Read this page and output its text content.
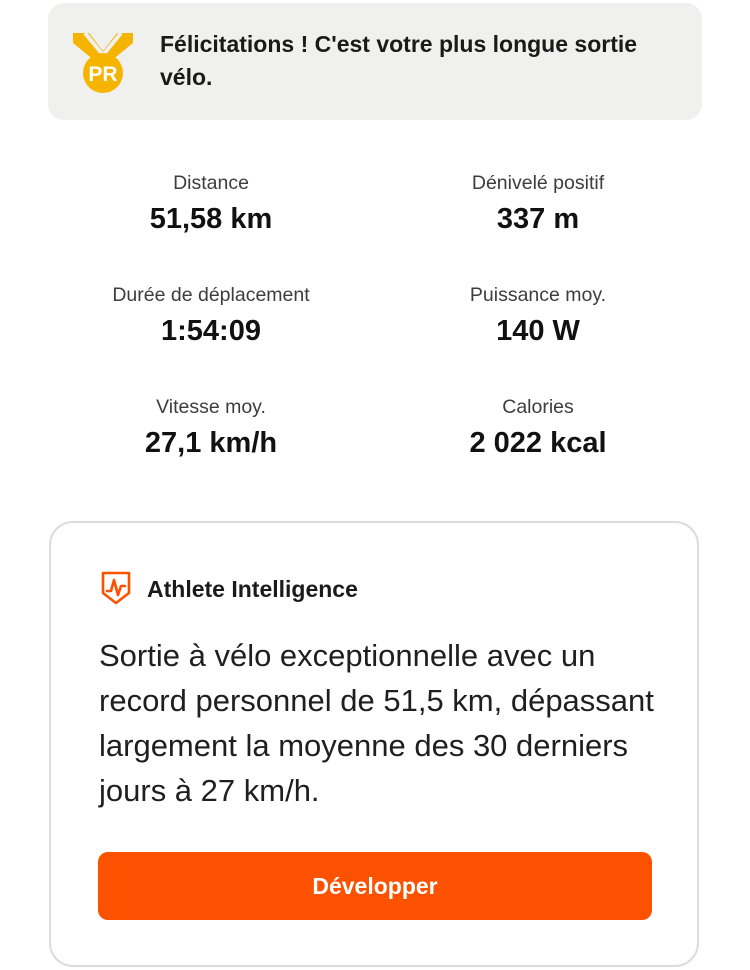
PR
Félicitations ! C'est votre plus longue sortie vélo.
Distance
51,58 km
Dénivelé positif
337 m
Durée de déplacement
1:54:09
Puissance moy.
140 W
Vitesse moy.
27,1 km/h
Calories
2 022 kcal
Athlete Intelligence
Sortie à vélo exceptionnelle avec un record personnel de 51,5 km, dépassant largement la moyenne des 30 derniers jours à 27 km/h.
Développer
